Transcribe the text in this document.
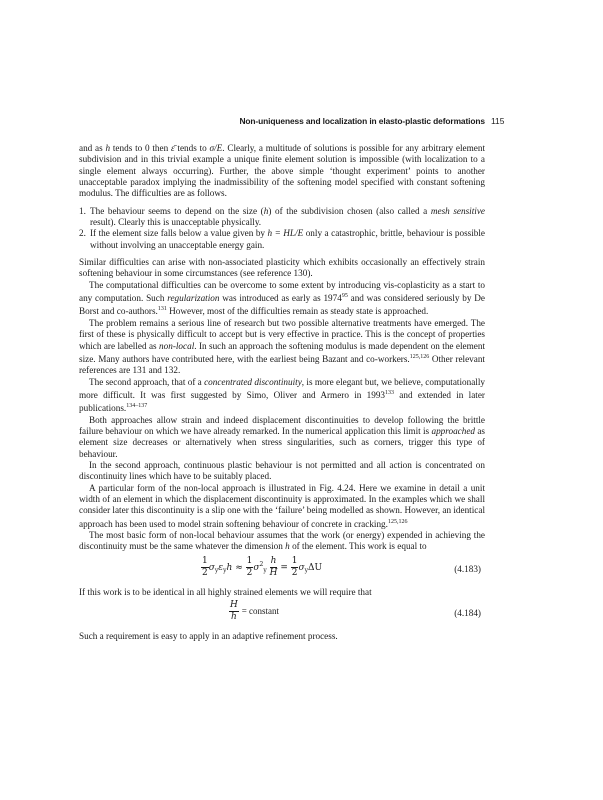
Non-uniqueness and localization in elasto-plastic deformations 115

and as h tends to 0 then ε̄ tends to σ/E. Clearly, a multitude of solutions is possible for any arbitrary element subdivision and in this trivial example a unique finite element solution is impossible (with localization to a single element always occurring). Further, the above simple ‘thought experiment’ points to another unacceptable paradox implying the inadmissibility of the softening model specified with constant softening modulus. The difficulties are as follows.

1. The behaviour seems to depend on the size (h) of the subdivision chosen (also called a mesh sensitive result). Clearly this is unacceptable physically.
2. If the element size falls below a value given by h = HL/E only a catastrophic, brittle, behaviour is possible without involving an unacceptable energy gain.

Similar difficulties can arise with non-associated plasticity which exhibits occasionally an effectively strain softening behaviour in some circumstances (see reference 130).

The computational difficulties can be overcome to some extent by introducing vis-coplasticity as a start to any computation. Such regularization was introduced as early as 1974$^{95}$ and was considered seriously by De Borst and co-authors.$^{131}$ However, most of the difficulties remain as steady state is approached.

The problem remains a serious line of research but two possible alternative treatments have emerged. The first of these is physically difficult to accept but is very effective in practice. This is the concept of properties which are labelled as non-local. In such an approach the softening modulus is made dependent on the element size. Many authors have contributed here, with the earliest being Bazant and co-workers.$^{125,126}$ Other relevant references are 131 and 132.

The second approach, that of a concentrated discontinuity, is more elegant but, we believe, computationally more difficult. It was first suggested by Simo, Oliver and Armero in 1993$^{133}$ and extended in later publications.$^{134-137}$

Both approaches allow strain and indeed displacement discontinuities to develop following the brittle failure behaviour on which we have already remarked. In the numerical application this limit is approached as element size decreases or alternatively when stress singularities, such as corners, trigger this type of behaviour.

In the second approach, continuous plastic behaviour is not permitted and all action is concentrated on discontinuity lines which have to be suitably placed.

A particular form of the non-local approach is illustrated in Fig. 4.24. Here we examine in detail a unit width of an element in which the displacement discontinuity is approximated. In the examples which we shall consider later this discontinuity is a slip one with the ‘failure’ being modelled as shown. However, an identical approach has been used to model strain softening behaviour of concrete in cracking.$^{125,126}$

The most basic form of non-local behaviour assumes that the work (or energy) expended in achieving the discontinuity must be the same whatever the dimension h of the element. This work is equal to

$\frac{1}{2} \sigma_y\varepsilon_yh \approx \frac{1}{2} \sigma^2_y \frac{h}{H} = \frac{1}{2} \sigma_y\Delta U$	(4.183)

If this work is to be identical in all highly strained elements we will require that

$\frac{H}{h}$ = constant	(4.184)

Such a requirement is easy to apply in an adaptive refinement process.
